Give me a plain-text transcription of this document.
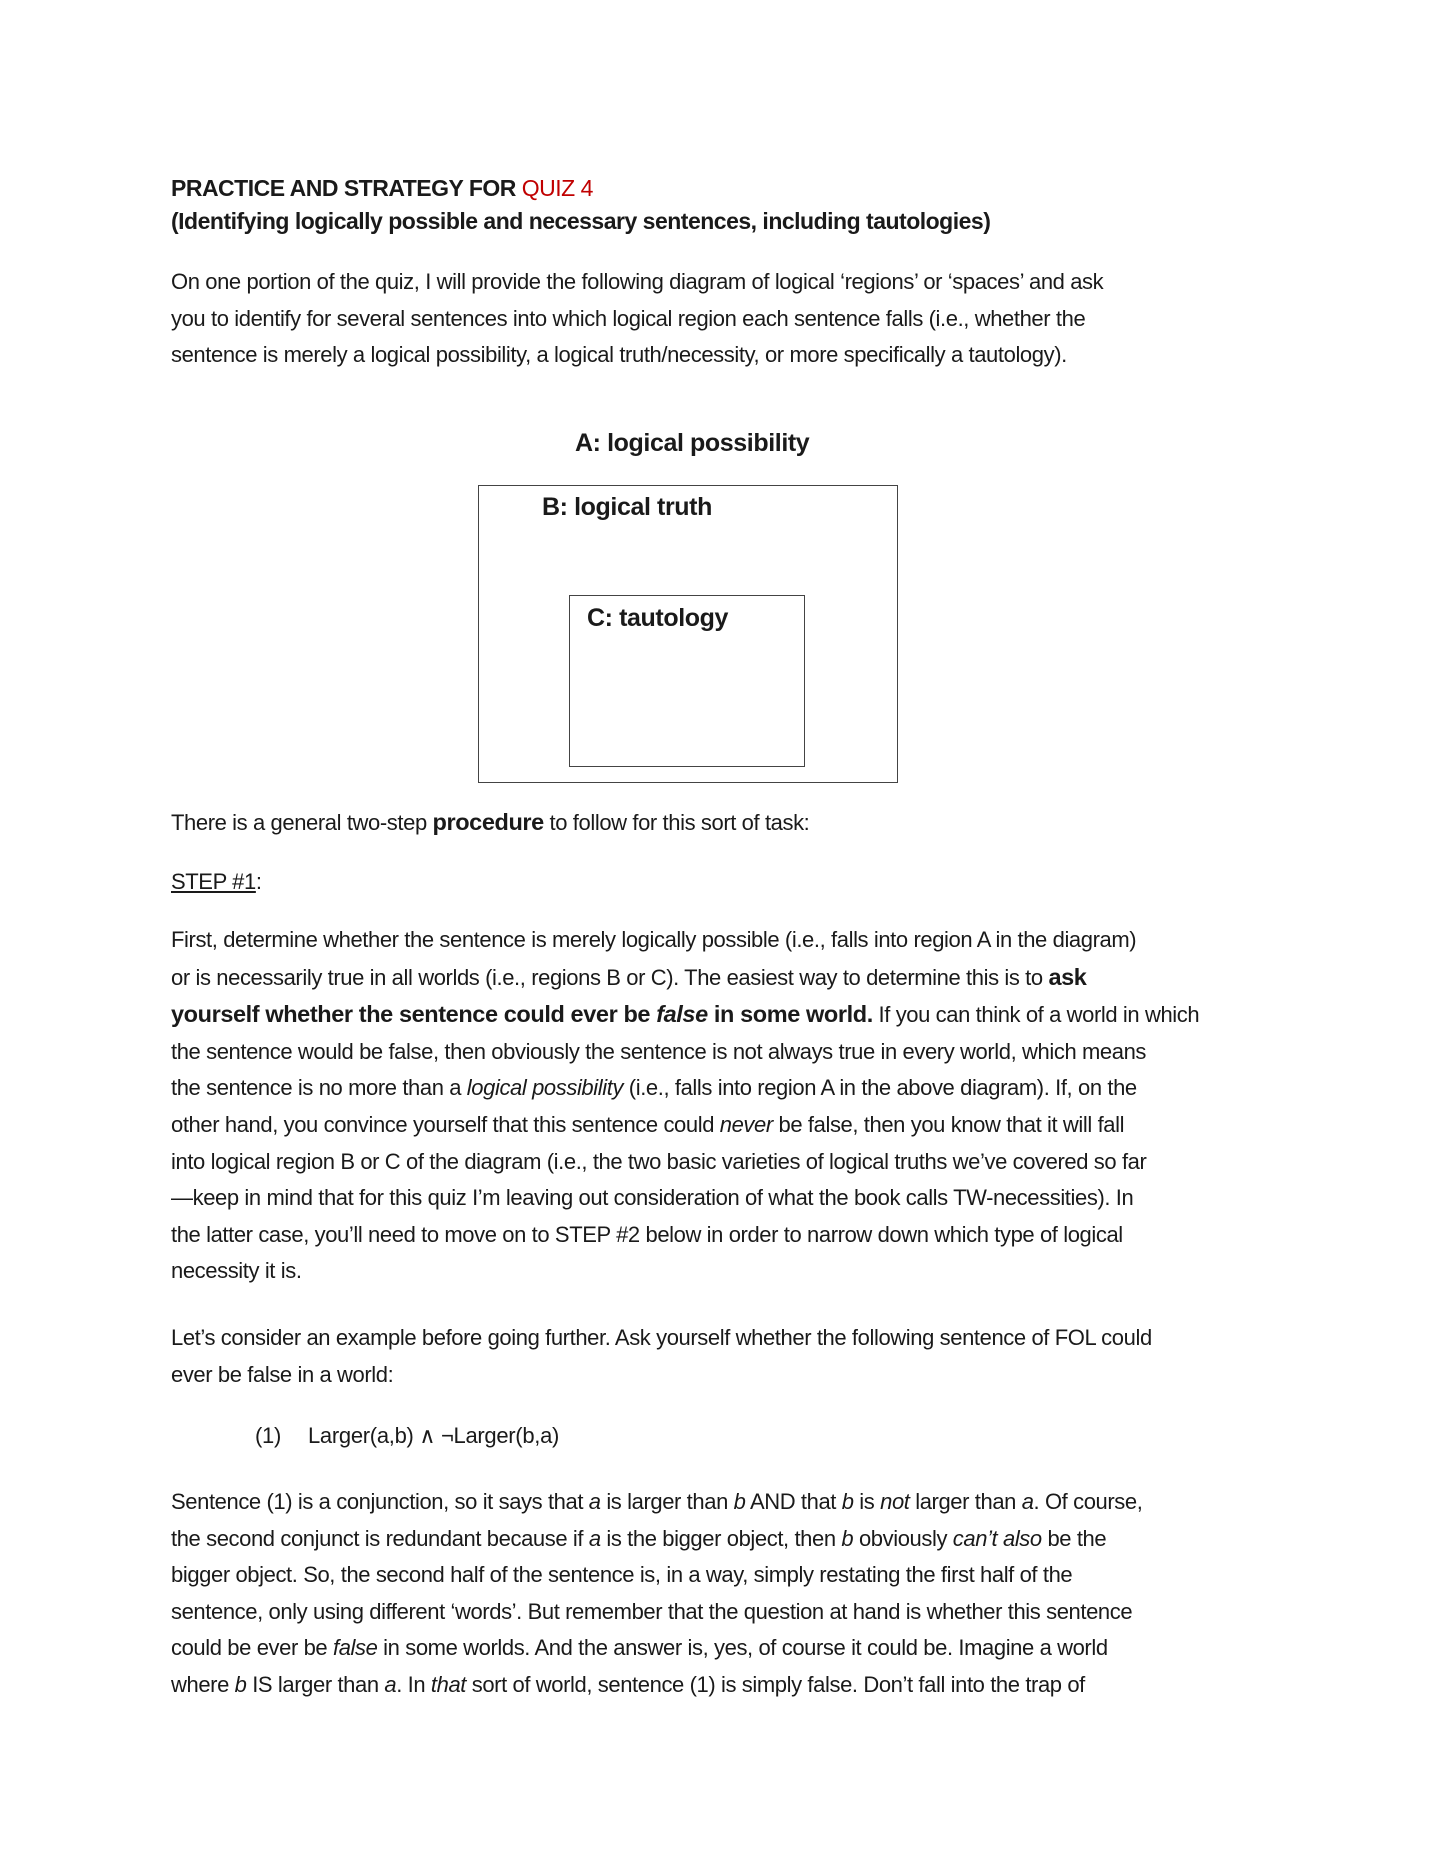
PRACTICE AND STRATEGY FOR QUIZ 4
(Identifying logically possible and necessary sentences, including tautologies)

On one portion of the quiz, I will provide the following diagram of logical ‘regions’ or ‘spaces’ and ask
you to identify for several sentences into which logical region each sentence falls (i.e., whether the
sentence is merely a logical possibility, a logical truth/necessity, or more specifically a tautology).

A: logical possibility
B: logical truth
C: tautology

There is a general two-step procedure to follow for this sort of task:

STEP #1:

First, determine whether the sentence is merely logically possible (i.e., falls into region A in the diagram)
or is necessarily true in all worlds (i.e., regions B or C). The easiest way to determine this is to ask
yourself whether the sentence could ever be false in some world. If you can think of a world in which
the sentence would be false, then obviously the sentence is not always true in every world, which means
the sentence is no more than a logical possibility (i.e., falls into region A in the above diagram). If, on the
other hand, you convince yourself that this sentence could never be false, then you know that it will fall
into logical region B or C of the diagram (i.e., the two basic varieties of logical truths we’ve covered so far
—keep in mind that for this quiz I’m leaving out consideration of what the book calls TW-necessities). In
the latter case, you’ll need to move on to STEP #2 below in order to narrow down which type of logical
necessity it is.

Let’s consider an example before going further. Ask yourself whether the following sentence of FOL could
ever be false in a world:

(1) Larger(a,b) ∧ ¬Larger(b,a)

Sentence (1) is a conjunction, so it says that a is larger than b AND that b is not larger than a. Of course,
the second conjunct is redundant because if a is the bigger object, then b obviously can’t also be the
bigger object. So, the second half of the sentence is, in a way, simply restating the first half of the
sentence, only using different ‘words’. But remember that the question at hand is whether this sentence
could be ever be false in some worlds. And the answer is, yes, of course it could be. Imagine a world
where b IS larger than a. In that sort of world, sentence (1) is simply false. Don’t fall into the trap of
